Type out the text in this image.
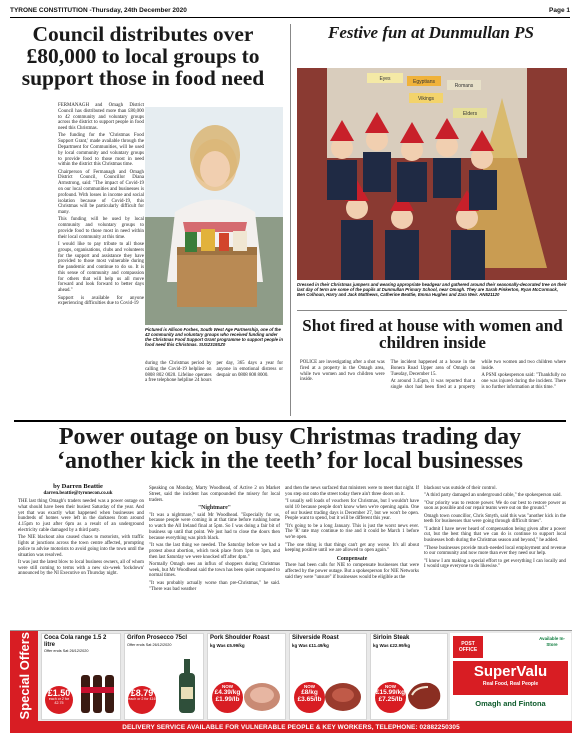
TYRONE CONSTITUTION -Thursday, 24th December 2020	Page 1
Council distributes over £80,000 to local groups to support those in food need

FERMANAGH and Omagh District Council has distributed more than £80,000 to 42 community and voluntary groups across the district to support people in food need this Christmas.

The funding for the 'Christmas Food Support Grant,' made available through the Department for Communities, will be used by local community and voluntary groups to provide food to those most in need within the district this Christmas time.

Chairperson of Fermanagh and Omagh District Council, Councillor Diana Armstrong, said: "The impact of Covid-19 on our local communities and businesses is profound. With losses in income and social isolation because of Covid-19, this Christmas will be particularly difficult for many.

This funding will be used by local community and voluntary groups to provide food to those most in need within their local community at this time.

I would like to pay tribute to all those groups, organisations, clubs and volunteers for the support and assistance they have provided to those most vulnerable during the pandemic and continue to do so. It is this sense of community and compassion for others that will help us all move forward and look forward to better days ahead."

Support is available for anyone experiencing difficulties due to Covid-19

Pictured is Allison Forbes, South West Age Partnership, one of the 42 community and voluntary groups who received funding under the Christmas Food Support Grant programme to support people in food need this Christmas. SUS2319SZ0
during the Christmas period by calling the Covid-19 helpline on 0808 802 0020. Lifeline operates a free telephone helpline 24 hours per day, 365 days a year for anyone in emotional distress or despair on 0808 808 8000.
Festive fun at Dunmullan PS
Eyes	Egyptians
Romans
Vikings
Elders
Dressed in their Christmas jumpers and wearing appropriate headgear and gathered around their seasonally-decorated tree on their last day of term are some of the pupils at Dunmullan Primary School, near Omagh. They are Sarah Pinkerton, Ryan McCormack, Ben Colhoun, Harry and Jack Matthews, Catherine Beattie, Emma Hughes and Zara Weir. AN521120
Shot fired at house with women and children inside

POLICE are investigating after a shot was fired at a property in the Omagh area, while two women and two children were inside.

The incident happened at a house in the Bonera Road Upper area of Omagh on Tuesday, December 15.

At around 3.45pm, it was reported that a single shot had been fired at a property while two women and two children where inside.

A PSNI spokesperson said: "Thankfully no one was injured during the incident. There is no further information at this time."

Power outage on busy Christmas trading day ‘another kick in the teeth’ for local businesses
by Darren Beattie
darren.beattie@tyronecon.co.uk

THE last thing Omagh's traders needed was a power outage on what should have been their busiest Saturday of the year. And yet that was exactly what happened when businesses and hundreds of homes were left in the darkness from around 4.15pm to just after 6pm as a result of an underground electricity cable damaged by a third party.

The NIE blackout also caused chaos to motorists, with traffic lights at junctions across the town centre affected, prompting police to advise motorists to avoid going into the town until the situation was resolved.

It was just the latest blow to local business owners, all of whom were still coming to terms with a new six-week 'lockdown' announced by the NI Executive on Thursday night.

Speaking on Monday, Marty Woodhead, of Active 2 on Market Street, said the incident has compounded the misery for local traders.

"Nightmare"

"It was a nightmare," said Mr Woodhead. "Especially for us, because people were coming in at that time before rushing home to watch the All Ireland final at 5pm. So I was doing a fair bit of business up until that point. We just had to close the doors then because everything was pitch black.

"It was the last thing we needed. The Saturday before we had a protest about abortion, which took place from 1pm to 3pm, and then last Saturday we were knocked off after 4pm."

Normally Omagh sees an influx of shoppers during Christmas week, but Mr Woodhead said the town has been quiet compared to normal times.

"It was probably actually worse than pre-Christmas," he said. "There was bad weather

and then the news surfaced that ministers were to meet that night. If you step out onto the street today there ain't three doors on it.

"I usually sell loads of vouchers for Christmas, but I wouldn't have sold 10 because people don't know when we're opening again. One of our busiest trading days is December 27, but we won't be open. People want to spend, but it will be different this year.

"It's going to be a long January. This is just the worst news ever. The 'R' rate may continue to rise and it could be March 1 before we're open.

"The one thing is that things can't get any worse. It's all about keeping positive until we are allowed to open again."

Compensate

There had been calls for NIE to compensate businesses that were affected by the power outage. But a spokesperson for NIE Networks said they were "unsure" if businesses would be eligible as the

blackout was outside of their control.

"A third party damaged an underground cable," the spokesperson said.

"Our priority was to restore power. We do our best to restore power as soon as possible and our repair teams were out on the ground."

Omagh town councillor, Chris Smyth, said this was "another kick in the teeth for businesses that were going through difficult times".

"I admit I have never heard of compensation being given after a power cut, but the best thing that we can do is continue to support local businesses both during the Christmas season and beyond," he added.

"These businesses provide much-needed local employment and revenue to our community and now more than ever they need our help.

"I know I am making a special effort to get everything I can locally and I would urge everyone to do likewise."

Special Offers	Coca Cola range 1.5 2 litre
Offer ends Sat 26/12/2020
£1.50
each or 2 for £2.75
Grifon Prosecco 75cl
Offer ends Sat 26/12/2020
£8.79
each or 2 for £16
Pork Shoulder Roast
kg Was £5.99/kg
NOW
£4.39/kg
£1.99/lb
Silverside Roast
kg Was £11.49/kg
NOW
£8/kg
£3.65/lb
Sirloin Steak
kg Was £22.99/kg
NOW
£15.99/kg
£7.25/lb
POST OFFICE
Available In-Store
SuperValu
Real Food, Real People
Omagh and Fintona
DELIVERY SERVICE AVAILABLE FOR VULNERABLE PEOPLE & KEY WORKERS, TELEPHONE: 02882250305
